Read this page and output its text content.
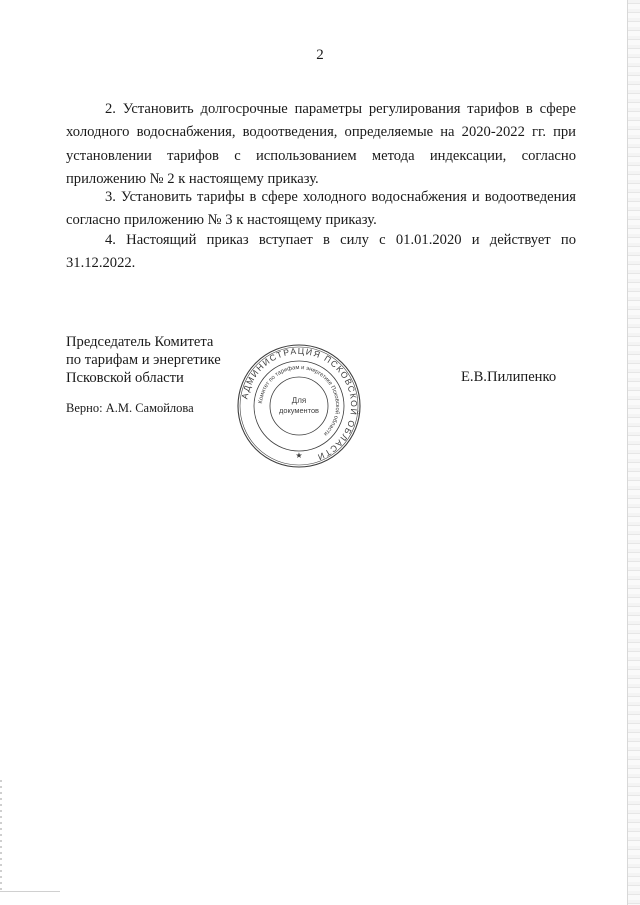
2

2. Установить долгосрочные параметры регулирования тарифов в сфере холодного водоснабжения, водоотведения, определяемые на 2020-2022 гг. при установлении тарифов с использованием метода индексации, согласно приложению № 2 к настоящему приказу.

3. Установить тарифы в сфере холодного водоснабжения и водоотведения согласно приложению № 3 к настоящему приказу.

4. Настоящий приказ вступает в силу с 01.01.2020 и действует по 31.12.2022.

Председатель Комитета
по тарифам и энергетике
Псковской области
Верно: А.М. Самойлова
Е.В.Пилипенко
АДМИНИСТРАЦИЯ ПСКОВСКОЙ ОБЛАСТИ
Комитет по тарифам и энергетике Псковской области
Для
документов
★
